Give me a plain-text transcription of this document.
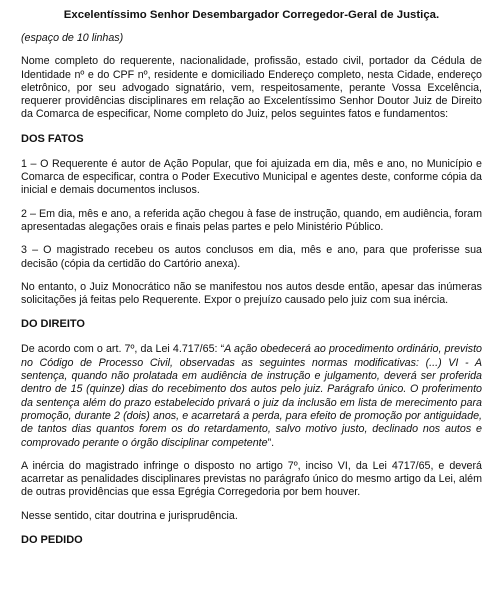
Excelentíssimo Senhor Desembargador Corregedor-Geral de Justiça.

(espaço de 10 linhas)

Nome completo do requerente, nacionalidade, profissão, estado civil, portador da Cédula de Identidade nº e do CPF nº, residente e domiciliado Endereço completo, nesta Cidade, endereço eletrônico, por seu advogado signatário, vem, respeitosamente, perante Vossa Excelência, requerer providências disciplinares em relação ao Excelentíssimo Senhor Doutor Juiz de Direito da Comarca de especificar, Nome completo do Juiz, pelos seguintes fatos e fundamentos:

DOS FATOS

1 – O Requerente é autor de Ação Popular, que foi ajuizada em dia, mês e ano, no Município e Comarca de especificar, contra o Poder Executivo Municipal e agentes deste, conforme cópia da inicial e demais documentos inclusos.

2 – Em dia, mês e ano, a referida ação chegou à fase de instrução, quando, em audiência, foram apresentadas alegações orais e finais pelas partes e pelo Ministério Público.

3 – O magistrado recebeu os autos conclusos em dia, mês e ano, para que proferisse sua decisão (cópia da certidão do Cartório anexa).

No entanto, o Juiz Monocrático não se manifestou nos autos desde então, apesar das inúmeras solicitações já feitas pelo Requerente. Expor o prejuízo causado pelo juiz com sua inércia.

DO DIREITO

De acordo com o art. 7º, da Lei 4.717/65: “A ação obedecerá ao procedimento ordinário, previsto no Código de Processo Civil, observadas as seguintes normas modificativas: (...) VI - A sentença, quando não prolatada em audiência de instrução e julgamento, deverá ser proferida dentro de 15 (quinze) dias do recebimento dos autos pelo juiz. Parágrafo único. O proferimento da sentença além do prazo estabelecido privará o juiz da inclusão em lista de merecimento para promoção, durante 2 (dois) anos, e acarretará a perda, para efeito de promoção por antiguidade, de tantos dias quantos forem os do retardamento, salvo motivo justo, declinado nos autos e comprovado perante o órgão disciplinar competente”.

A inércia do magistrado infringe o disposto no artigo 7º, inciso VI, da Lei 4717/65, e deverá acarretar as penalidades disciplinares previstas no parágrafo único do mesmo artigo da Lei, além de outras providências que essa Egrégia Corregedoria por bem houver.

Nesse sentido, citar doutrina e jurisprudência.

DO PEDIDO
